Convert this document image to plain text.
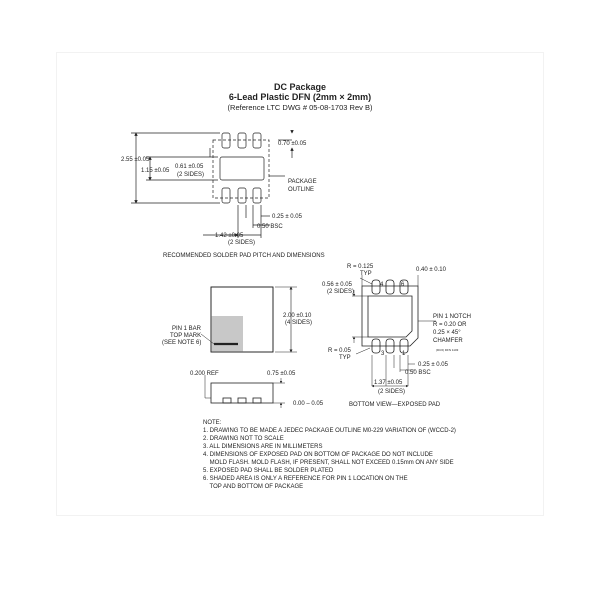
DC Package
6-Lead Plastic DFN (2mm × 2mm)
(Reference LTC DWG # 05-08-1703 Rev B)
2.55 ±0.05
1.15 ±0.05
0.61 ±0.05
(2 SIDES)
0.70 ±0.05
PACKAGE
OUTLINE
0.25 ± 0.05
0.50 BSC
1.42 ±0.05
(2 SIDES)
RECOMMENDED SOLDER PAD PITCH AND DIMENSIONS
2.00 ±0.10
(4 SIDES)
PIN 1 BAR
TOP MARK
(SEE NOTE 6)
0.200 REF	0.75 ±0.05
0.00 – 0.05
R = 0.125
TYP
0.40 ± 0.10
0.56 ± 0.05
(2 SIDES)
4	6
3	1
PIN 1 NOTCH
R = 0.20 OR
0.25 × 45°
CHAMFER
R = 0.05
TYP
0.25 ± 0.05
0.50 BSC
1.37 ±0.05
(2 SIDES)
BOTTOM VIEW—EXPOSED PAD
(DC6) DFN 1103
NOTE:
1. DRAWING TO BE MADE A JEDEC PACKAGE OUTLINE M0-229 VARIATION OF (WCCD-2)
2. DRAWING NOT TO SCALE
3. ALL DIMENSIONS ARE IN MILLIMETERS
4. DIMENSIONS OF EXPOSED PAD ON BOTTOM OF PACKAGE DO NOT INCLUDE
MOLD FLASH. MOLD FLASH, IF PRESENT, SHALL NOT EXCEED 0.15mm ON ANY SIDE
5. EXPOSED PAD SHALL BE SOLDER PLATED
6. SHADED AREA IS ONLY A REFERENCE FOR PIN 1 LOCATION ON THE
TOP AND BOTTOM OF PACKAGE
